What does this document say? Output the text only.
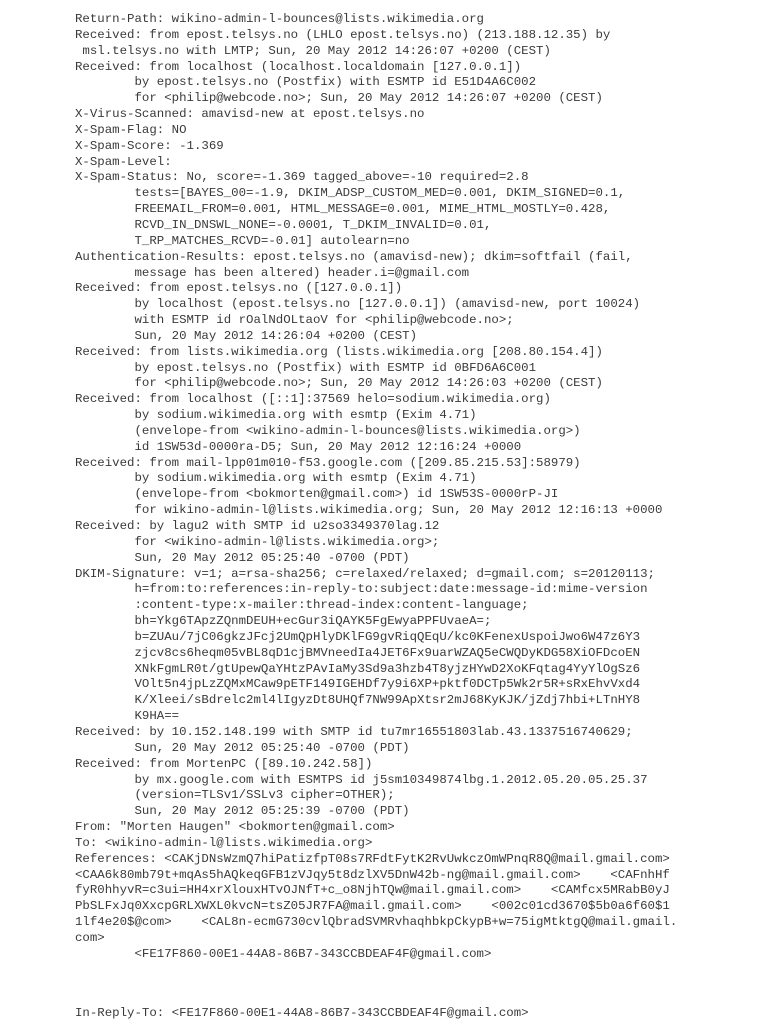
Return-Path: wikino-admin-l-bounces@lists.wikimedia.org
Received: from epost.telsys.no (LHLO epost.telsys.no) (213.188.12.35) by
msl.telsys.no with LMTP; Sun, 20 May 2012 14:26:07 +0200 (CEST)
Received: from localhost (localhost.localdomain [127.0.0.1])
by epost.telsys.no (Postfix) with ESMTP id E51D4A6C002
for <philip@webcode.no>; Sun, 20 May 2012 14:26:07 +0200 (CEST)
X-Virus-Scanned: amavisd-new at epost.telsys.no
X-Spam-Flag: NO
X-Spam-Score: -1.369
X-Spam-Level:
X-Spam-Status: No, score=-1.369 tagged_above=-10 required=2.8
tests=[BAYES_00=-1.9, DKIM_ADSP_CUSTOM_MED=0.001, DKIM_SIGNED=0.1,
FREEMAIL_FROM=0.001, HTML_MESSAGE=0.001, MIME_HTML_MOSTLY=0.428,
RCVD_IN_DNSWL_NONE=-0.0001, T_DKIM_INVALID=0.01,
T_RP_MATCHES_RCVD=-0.01] autolearn=no
Authentication-Results: epost.telsys.no (amavisd-new); dkim=softfail (fail,
message has been altered) header.i=@gmail.com
Received: from epost.telsys.no ([127.0.0.1])
by localhost (epost.telsys.no [127.0.0.1]) (amavisd-new, port 10024)
with ESMTP id rOalNdOLtaoV for <philip@webcode.no>;
Sun, 20 May 2012 14:26:04 +0200 (CEST)
Received: from lists.wikimedia.org (lists.wikimedia.org [208.80.154.4])
by epost.telsys.no (Postfix) with ESMTP id 0BFD6A6C001
for <philip@webcode.no>; Sun, 20 May 2012 14:26:03 +0200 (CEST)
Received: from localhost ([::1]:37569 helo=sodium.wikimedia.org)
by sodium.wikimedia.org with esmtp (Exim 4.71)
(envelope-from <wikino-admin-l-bounces@lists.wikimedia.org>)
id 1SW53d-0000ra-D5; Sun, 20 May 2012 12:16:24 +0000
Received: from mail-lpp01m010-f53.google.com ([209.85.215.53]:58979)
by sodium.wikimedia.org with esmtp (Exim 4.71)
(envelope-from <bokmorten@gmail.com>) id 1SW53S-0000rP-JI
for wikino-admin-l@lists.wikimedia.org; Sun, 20 May 2012 12:16:13 +0000
Received: by lagu2 with SMTP id u2so3349370lag.12
for <wikino-admin-l@lists.wikimedia.org>;
Sun, 20 May 2012 05:25:40 -0700 (PDT)
DKIM-Signature: v=1; a=rsa-sha256; c=relaxed/relaxed; d=gmail.com; s=20120113;
h=from:to:references:in-reply-to:subject:date:message-id:mime-version
:content-type:x-mailer:thread-index:content-language;
bh=Ykg6TApzZQnmDEUH+ecGur3iQAYK5FgEwyaPPFUvaeA=;
b=ZUAu/7jC06gkzJFcj2UmQpHlyDKlFG9gvRiqQEqU/kc0KFenexUspoiJwo6W47z6Y3
zjcv8cs6heqm05vBL8qD1cjBMVneedIa4JET6Fx9uarWZAQ5eCWQDyKDG58XiOFDcoEN
XNkFgmLR0t/gtUpewQaYHtzPAvIaMy3Sd9a3hzb4T8yjzHYwD2XoKFqtag4YyYlOgSz6
VOlt5n4jpLzZQMxMCaw9pETF149IGEHDf7y9i6XP+pktf0DCTp5Wk2r5R+sRxEhvVxd4
K/Xleei/sBdrelc2ml4lIgyzDt8UHQf7NW99ApXtsr2mJ68KyKJK/jZdj7hbi+LTnHY8
K9HA==
Received: by 10.152.148.199 with SMTP id tu7mr16551803lab.43.1337516740629;
Sun, 20 May 2012 05:25:40 -0700 (PDT)
Received: from MortenPC ([89.10.242.58])
by mx.google.com with ESMTPS id j5sm10349874lbg.1.2012.05.20.05.25.37
(version=TLSv1/SSLv3 cipher=OTHER);
Sun, 20 May 2012 05:25:39 -0700 (PDT)
From: "Morten Haugen" <bokmorten@gmail.com>
To: <wikino-admin-l@lists.wikimedia.org>
References: <CAKjDNsWzmQ7hiPatizfpT08s7RFdtFytK2RvUwkczOmWPnqR8Q@mail.gmail.com>
<CAA6k80mb79t+mqAs5hAQkeqGFB1zVJqy5t8dzlXV5DnW42b-ng@mail.gmail.com>    <CAFnhHf
fyR0hhyvR=c3ui=HH4xrXlouxHTvOJNfT+c_o8NjhTQw@mail.gmail.com>    <CAMfcx5MRabB0yJ
PbSLFxJq0XxcpGRLXWXL0kvcN=tsZ05JR7FA@mail.gmail.com>    <002c01cd3670$5b0a6f60$1
1lf4e20$@com>    <CAL8n-ecmG730cvlQbradSVMRvhaqhbkpCkypB+w=75igMtktgQ@mail.gmail.
com>
<FE17F860-00E1-44A8-86B7-343CCBDEAF4F@gmail.com>
In-Reply-To: <FE17F860-00E1-44A8-86B7-343CCBDEAF4F@gmail.com>
